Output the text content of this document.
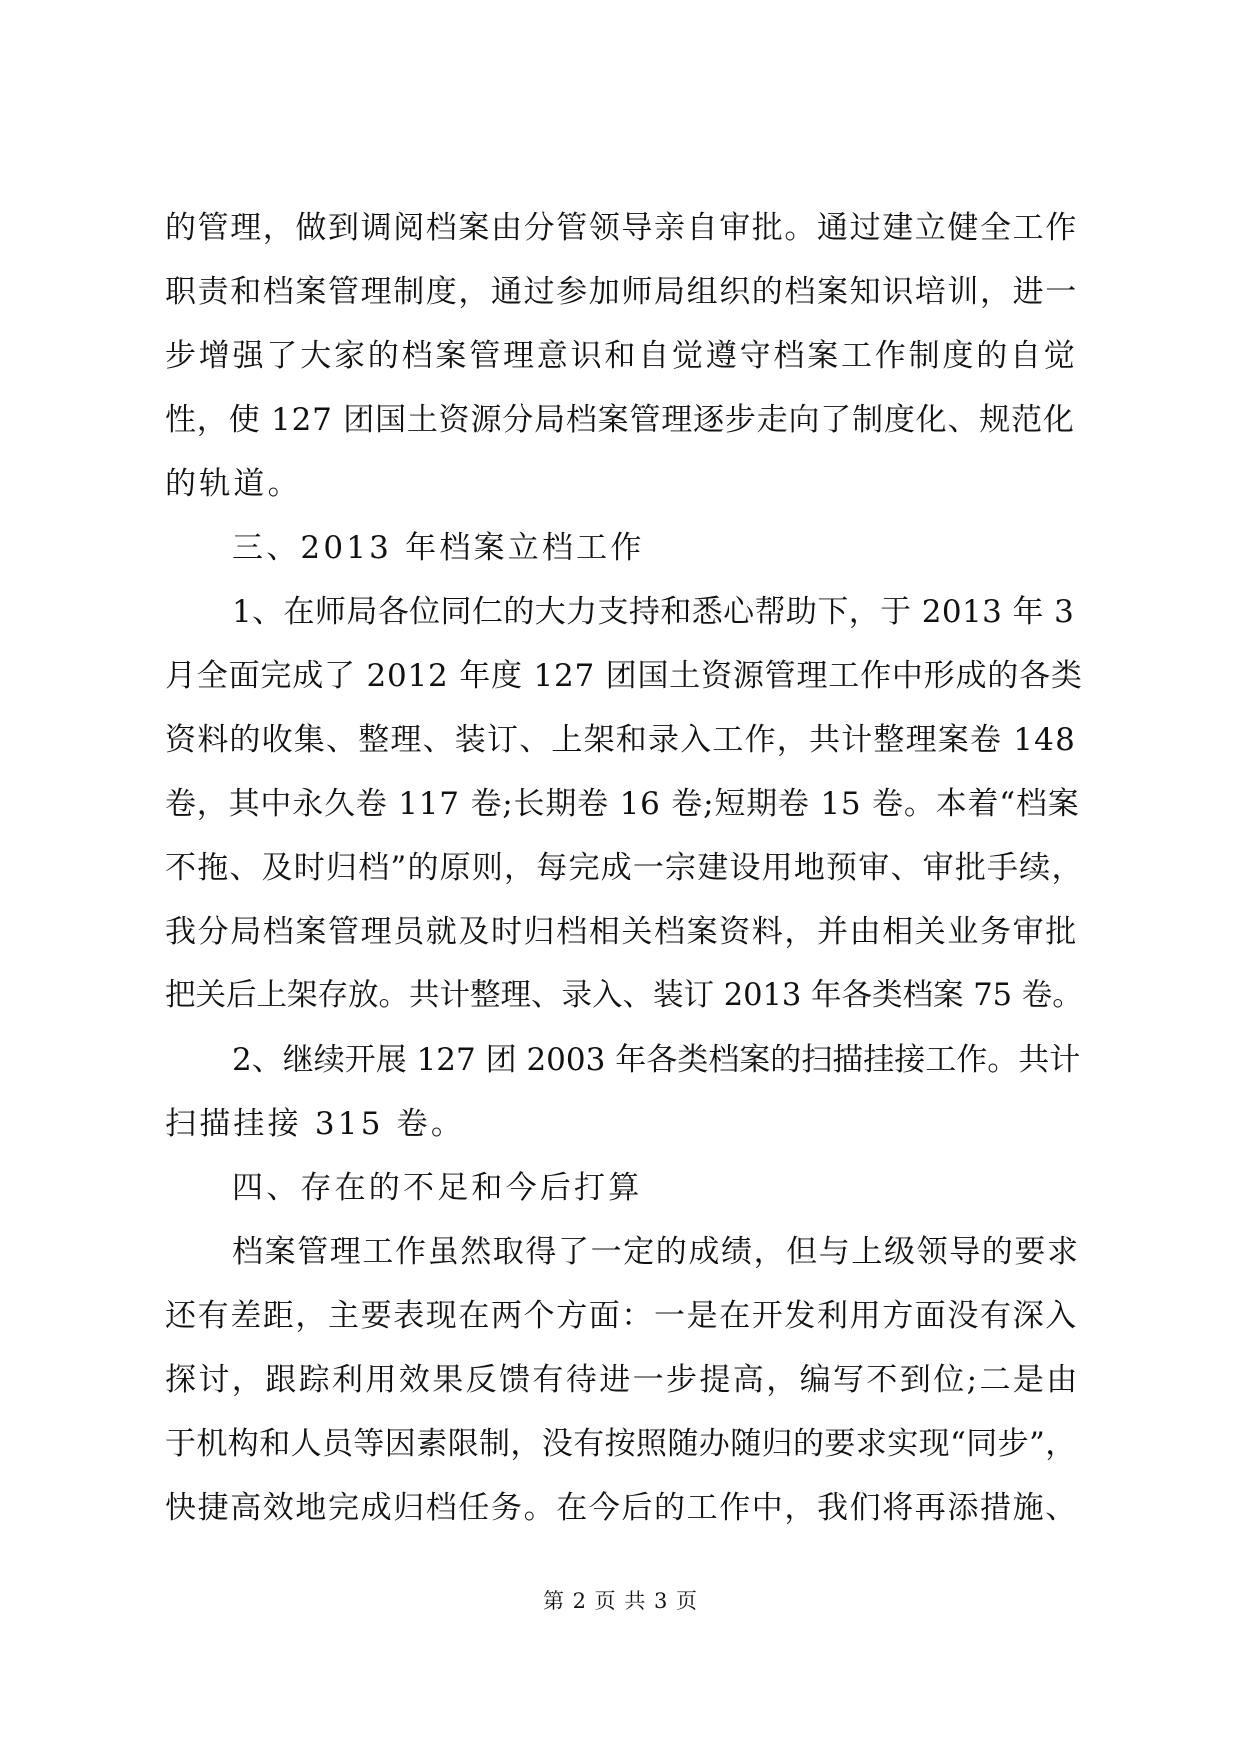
的管理，做到调阅档案由分管领导亲自审批。通过建立健全工作
职责和档案管理制度，通过参加师局组织的档案知识培训，进一
步增强了大家的档案管理意识和自觉遵守档案工作制度的自觉
性，使 127 团国土资源分局档案管理逐步走向了制度化、规范化
的轨道。
三、2013 年档案立档工作
1、在师局各位同仁的大力支持和悉心帮助下，于 2013 年 3
月全面完成了 2012 年度 127 团国土资源管理工作中形成的各类
资料的收集、整理、装订、上架和录入工作，共计整理案卷 148
卷，其中永久卷 117 卷;长期卷 16 卷;短期卷 15 卷。本着“档案
不拖、及时归档”的原则，每完成一宗建设用地预审、审批手续，
我分局档案管理员就及时归档相关档案资料，并由相关业务审批
把关后上架存放。共计整理、录入、装订 2013 年各类档案 75 卷。
2、继续开展 127 团 2003 年各类档案的扫描挂接工作。共计
扫描挂接 315 卷。
四、存在的不足和今后打算
档案管理工作虽然取得了一定的成绩，但与上级领导的要求
还有差距，主要表现在两个方面：一是在开发利用方面没有深入
探讨，跟踪利用效果反馈有待进一步提高，编写不到位;二是由
于机构和人员等因素限制，没有按照随办随归的要求实现“同步”，
快捷高效地完成归档任务。在今后的工作中，我们将再添措施、
第 2 页 共 3 页
